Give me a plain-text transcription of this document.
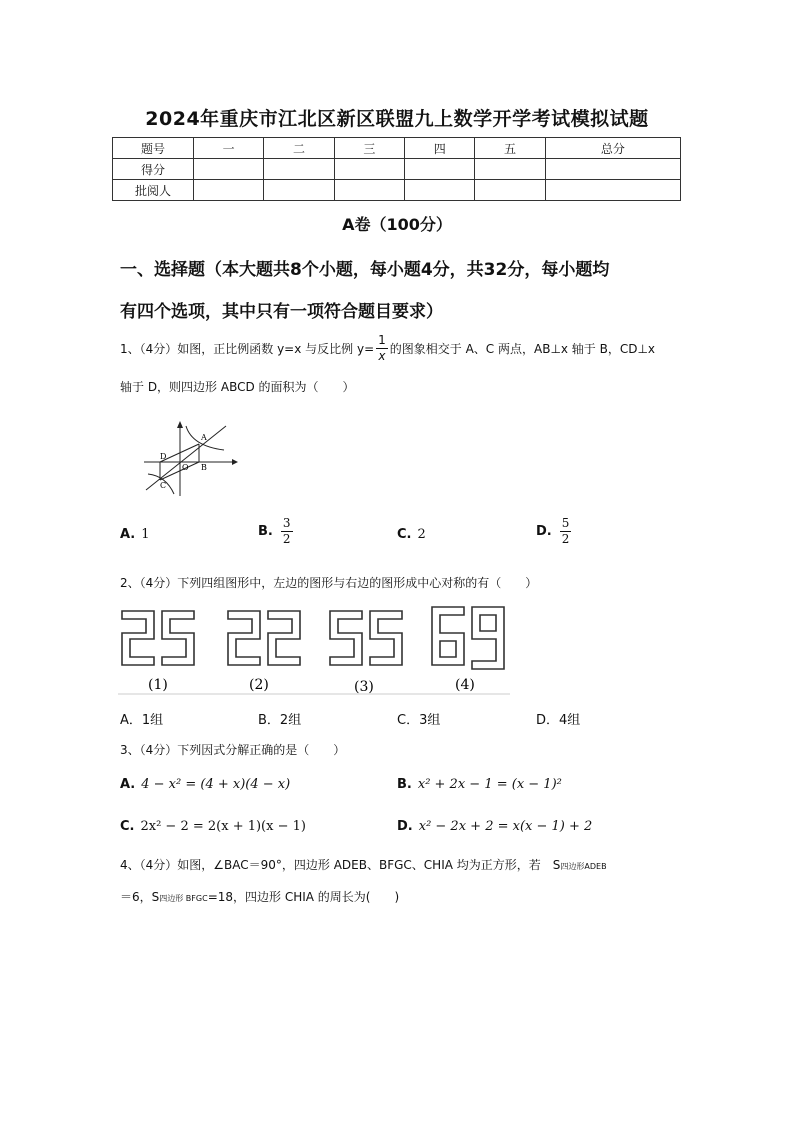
2024年重庆市江北区新区联盟九上数学开学考试模拟试题
题号	一	二	三	四	五	总分
得分						
批阅人						
A卷（100分）
一、选择题（本大题共8个小题，每小题4分，共32分，每小题均
有四个选项，其中只有一项符合题目要求）
1、（4分）如图，正比例函数 y=x 与反比例 $y= \frac{1}{x}$ 的图象相交于 A、C 两点，AB⊥x 轴于 B，CD⊥x
轴于 D，则四边形 ABCD 的面积为（　　）
A
B
C
D
O
A. 1	B. $\frac{3}{2}$	C. 2	D. $\frac{5}{2}$
2、（4分）下列四组图形中，左边的图形与右边的图形成中心对称的有（　　）
(1)	(2)	(3)	(4)
A．1组	B．2组	C．3组	D．4组
3、（4分）下列因式分解正确的是（　　）
A. 4 − x² = (4 + x)(4 − x)	B. x² + 2x − 1 = (x − 1)²
C. 2x² − 2 = 2(x + 1)(x − 1)	D. x² − 2x + 2 = x(x − 1) + 2
4、（4分）如图，∠BAC＝90°，四边形 ADEB、BFGC、CHIA 均为正方形，若　S四边形ADEB
＝6，S四边形 BFGC=18，四边形 CHIA 的周长为(　　)
